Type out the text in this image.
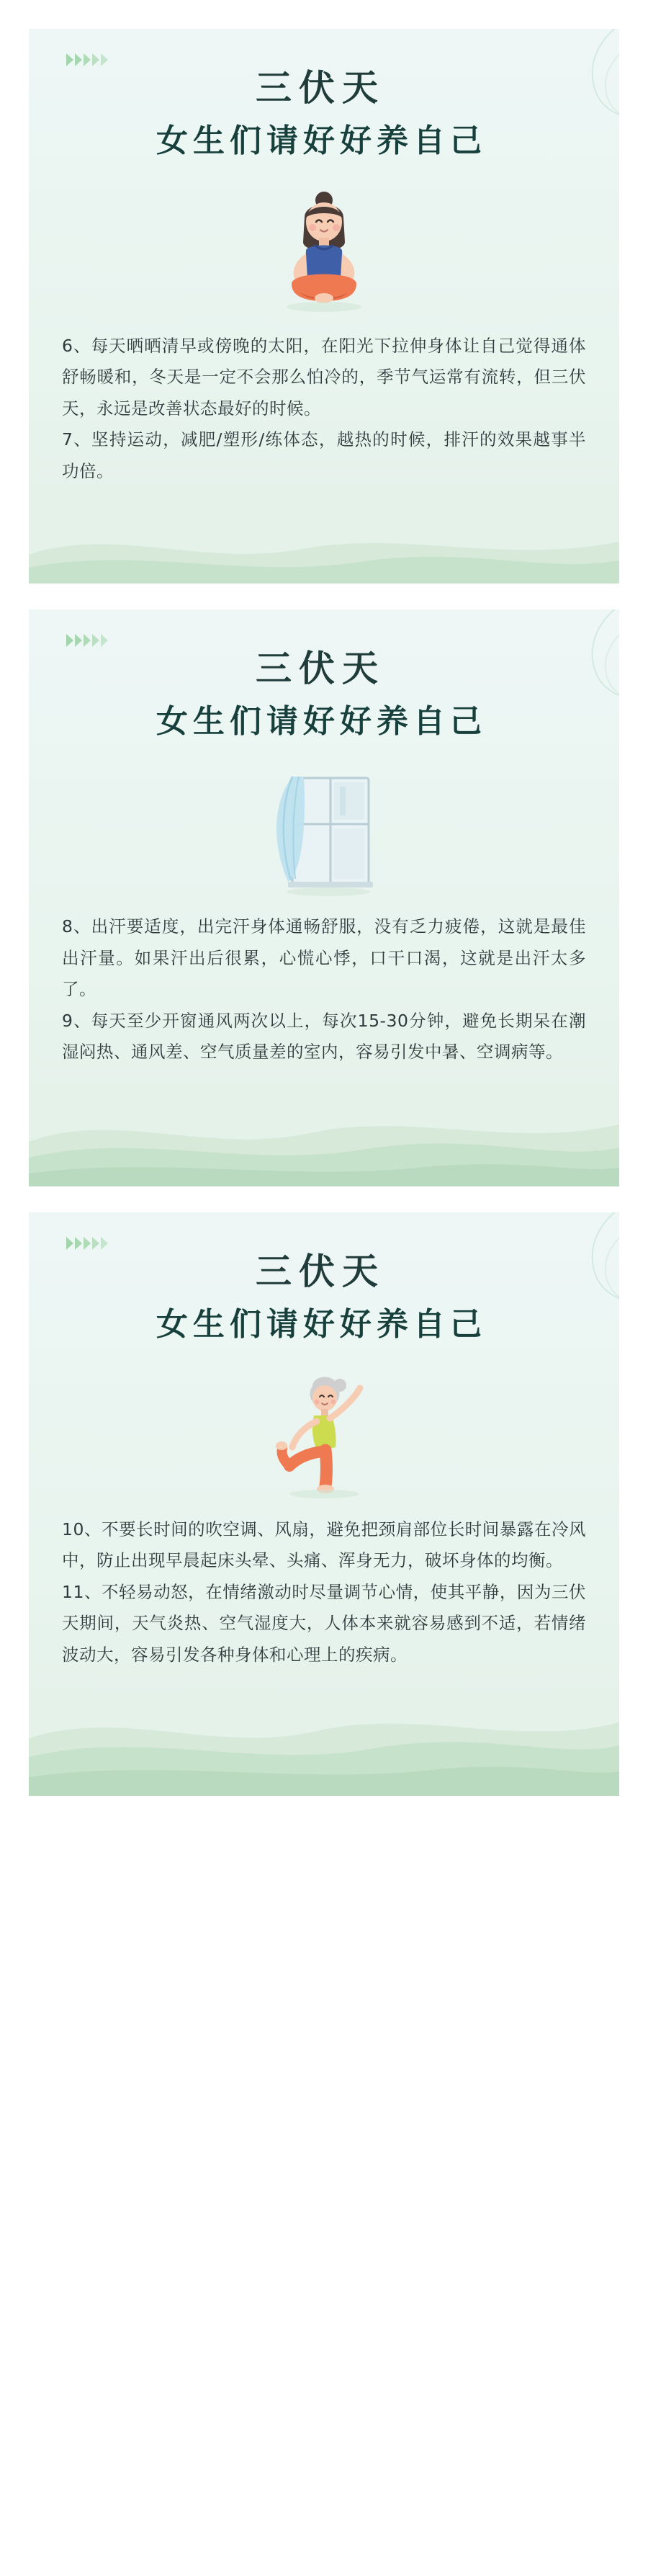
三伏天
女生们请好好养自己

6、每天晒晒清早或傍晚的太阳，在阳光下拉伸身体让自己觉得通体舒畅暖和，冬天是一定不会那么怕冷的，季节气运常有流转，但三伏天，永远是改善状态最好的时候。

7、坚持运动，减肥/塑形/练体态，越热的时候，排汗的效果越事半功倍。

三伏天
女生们请好好养自己

8、出汗要适度，出完汗身体通畅舒服，没有乏力疲倦，这就是最佳出汗量。如果汗出后很累，心慌心悸，口干口渴，这就是出汗太多了。

9、每天至少开窗通风两次以上，每次15-30分钟，避免长期呆在潮湿闷热、通风差、空气质量差的室内，容易引发中暑、空调病等。

三伏天
女生们请好好养自己

10、不要长时间的吹空调、风扇，避免把颈肩部位长时间暴露在冷风中，防止出现早晨起床头晕、头痛、浑身无力，破坏身体的均衡。

11、不轻易动怒，在情绪激动时尽量调节心情，使其平静，因为三伏天期间，天气炎热、空气湿度大，人体本来就容易感到不适，若情绪波动大，容易引发各种身体和心理上的疾病。
